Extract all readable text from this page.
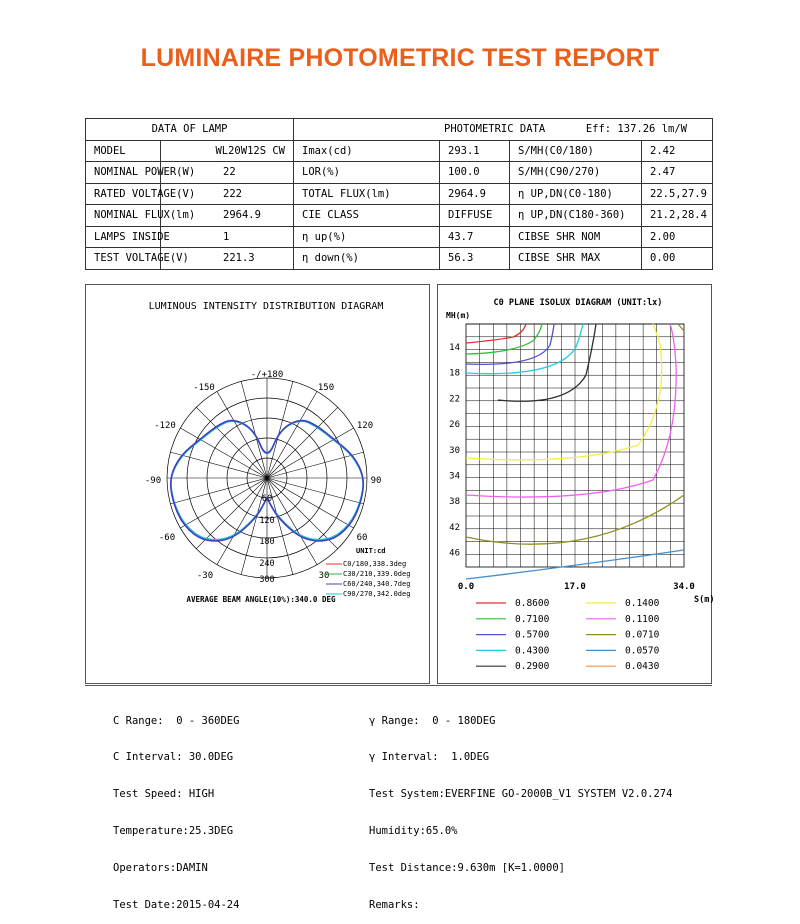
LUMINAIRE PHOTOMETRIC TEST REPORT
DATA OF LAMP		PHOTOMETRIC DATA Eff: 137.26 lm/W			
MODEL	WL20W12S CW	Imax(cd)	293.1	S/MH(C0/180)	2.42
NOMINAL POWER(W)	22	LOR(%)	100.0	S/MH(C90/270)	2.47
RATED VOLTAGE(V)	222	TOTAL FLUX(lm)	2964.9	η UP,DN(C0-180)	22.5,27.9
NOMINAL FLUX(lm)	2964.9	CIE CLASS	DIFFUSE	η UP,DN(C180-360)	21.2,28.4
LAMPS INSIDE	1	η up(%)	43.7	CIBSE SHR NOM	2.00
TEST VOLTAGE(V)	221.3	η down(%)	56.3	CIBSE SHR MAX	0.00
LUMINOUS INTENSITY DISTRIBUTION DIAGRAM
-/+180
-150	150
-120	120
-90	90
-60	60
-30	30
60
120
180
240
300
UNIT:cd
C0/180,338.3deg
C30/210,339.0deg
C60/240,340.7deg
C90/270,342.0deg
AVERAGE BEAM ANGLE(10%):340.0 DEG
C0 PLANE ISOLUX DIAGRAM (UNIT:lx)
MH(m)
14
18
22
26
30
34
38
42
46
0.0	17.0	34.0
S(m)
0.8600
0.7100
0.5700
0.4300
0.2900
0.1400
0.1100
0.0710
0.0570
0.0430

C Range:  0 - 360DEG

C Interval: 30.0DEG

Test Speed: HIGH

Temperature:25.3DEG

Operators:DAMIN

Test Date:2015-04-24

γ Range:  0 - 180DEG

γ Interval:  1.0DEG

Test System:EVERFINE GO-2000B_V1 SYSTEM V2.0.274

Humidity:65.0%

Test Distance:9.630m [K=1.0000]

Remarks:
